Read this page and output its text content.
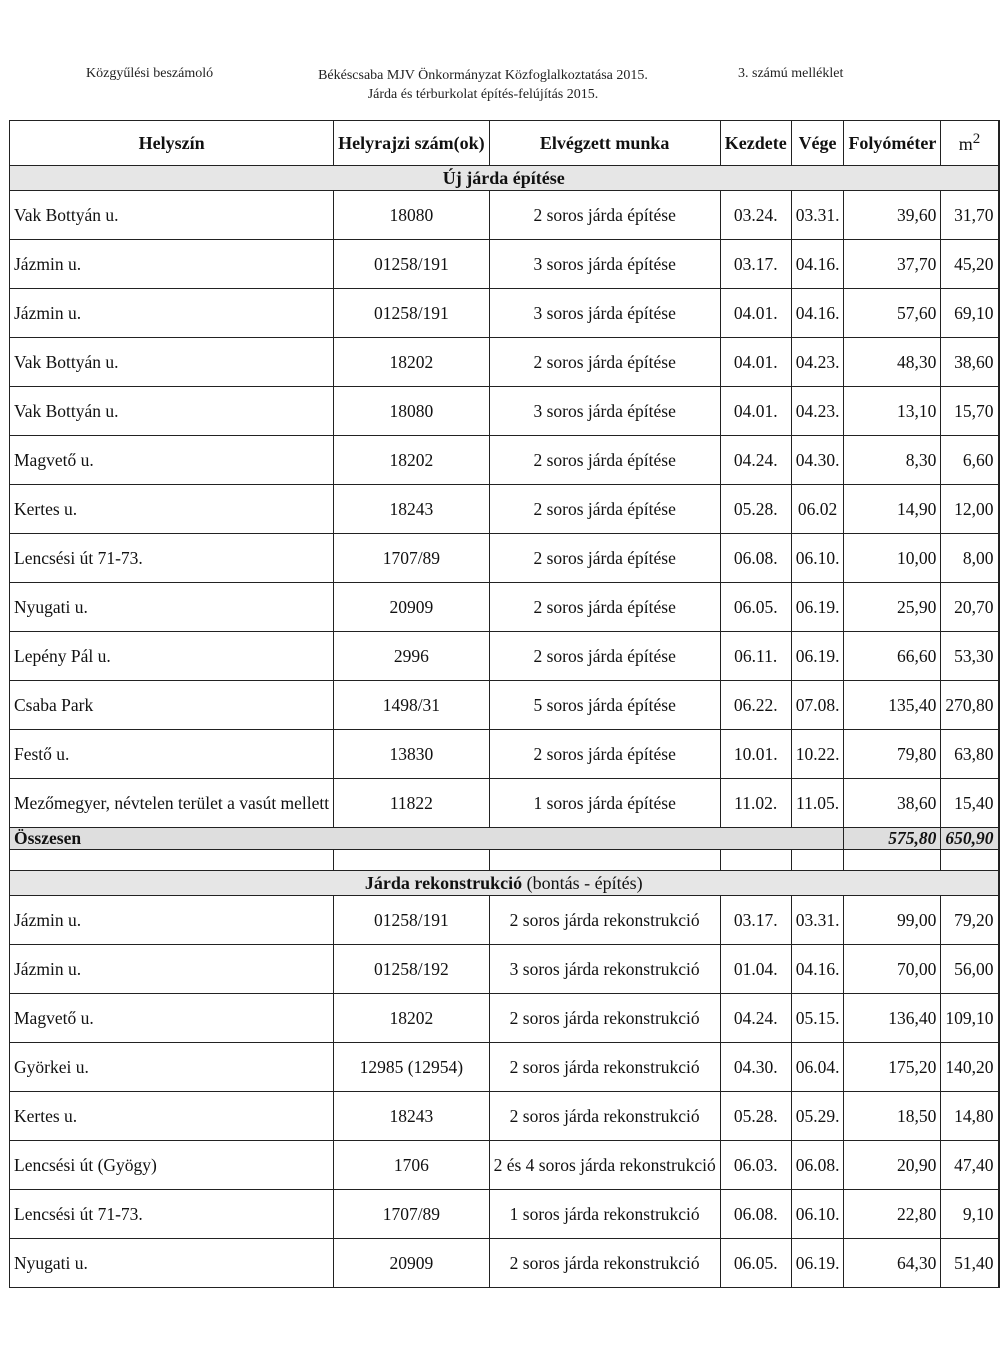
Közgyűlési beszámoló	Békéscsaba MJV Önkormányzat Közfoglalkoztatása 2015.
Járda és térburkolat építés-felújítás 2015.
3. számú melléklet
Helyszín	Helyrajzi szám(ok)	Elvégzett munka	Kezdete	Vége	Folyóméter	$m^2$
Új járda építése						
Vak Bottyán u.	18080	2 soros járda építése	03.24.	03.31.	39,60	31,70
Jázmin u.	01258/191	3 soros járda építése	03.17.	04.16.	37,70	45,20
Jázmin u.	01258/191	3 soros járda építése	04.01.	04.16.	57,60	69,10
Vak Bottyán u.	18202	2 soros járda építése	04.01.	04.23.	48,30	38,60
Vak Bottyán u.	18080	3 soros járda építése	04.01.	04.23.	13,10	15,70
Magvető u.	18202	2 soros járda építése	04.24.	04.30.	8,30	6,60
Kertes u.	18243	2 soros járda építése	05.28.	06.02	14,90	12,00
Lencsési út 71-73.	1707/89	2 soros járda építése	06.08.	06.10.	10,00	8,00
Nyugati u.	20909	2 soros járda építése	06.05.	06.19.	25,90	20,70
Lepény Pál u.	2996	2 soros járda építése	06.11.	06.19.	66,60	53,30
Csaba Park	1498/31	5 soros járda építése	06.22.	07.08.	135,40	270,80
Festő u.	13830	2 soros járda építése	10.01.	10.22.	79,80	63,80
Mezőmegyer, névtelen terület a vasút mellett	11822	1 soros járda építése	11.02.	11.05.	38,60	15,40
Összesen					575,80	650,90

Járda rekonstrukció (bontás - építés)						
Jázmin u.	01258/191	2 soros járda rekonstrukció	03.17.	03.31.	99,00	79,20
Jázmin u.	01258/192	3 soros járda rekonstrukció	01.04.	04.16.	70,00	56,00
Magvető u.	18202	2 soros járda rekonstrukció	04.24.	05.15.	136,40	109,10
Györkei u.	12985 (12954)	2 soros járda rekonstrukció	04.30.	06.04.	175,20	140,20
Kertes u.	18243	2 soros járda rekonstrukció	05.28.	05.29.	18,50	14,80
Lencsési út (Gyögy)	1706	2 és 4 soros járda rekonstrukció	06.03.	06.08.	20,90	47,40
Lencsési út 71-73.	1707/89	1 soros járda rekonstrukció	06.08.	06.10.	22,80	9,10
Nyugati u.	20909	2 soros járda rekonstrukció	06.05.	06.19.	64,30	51,40
